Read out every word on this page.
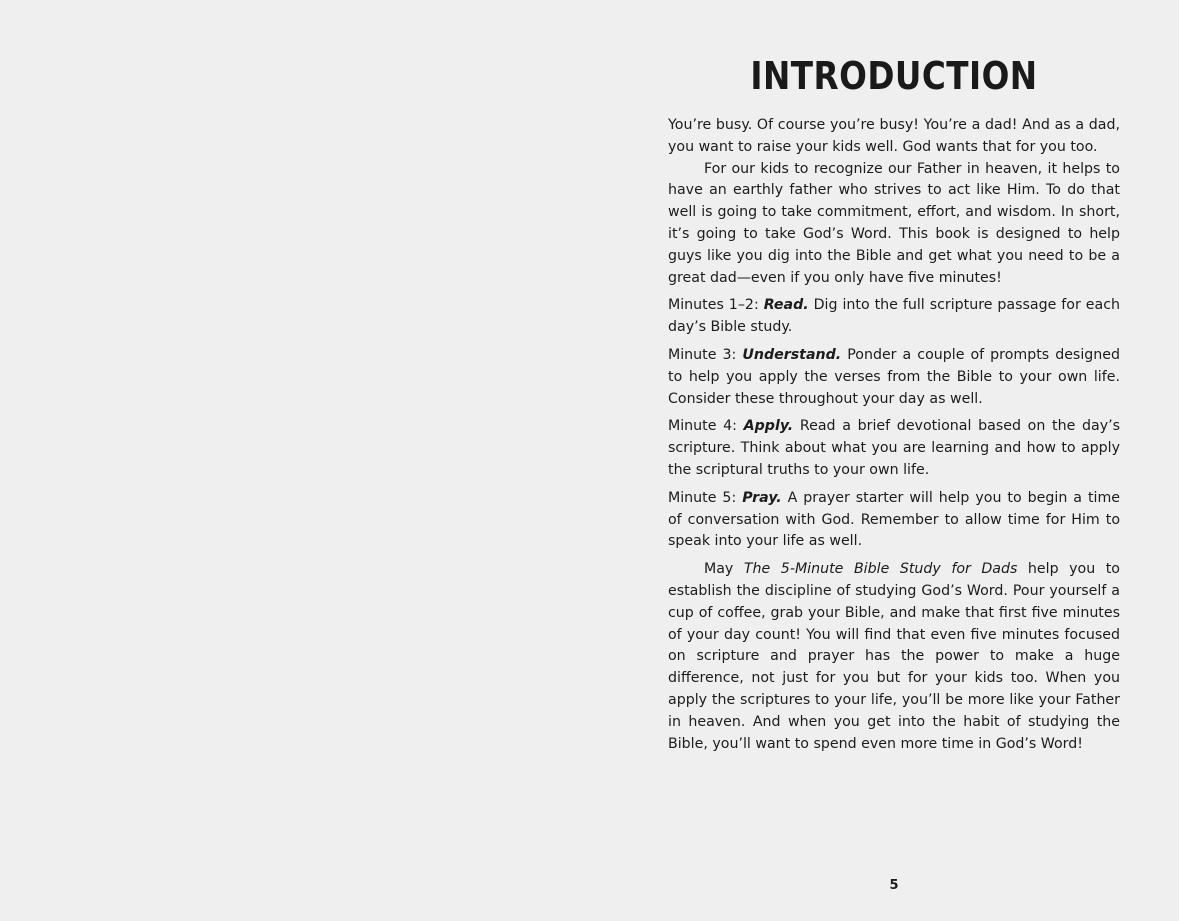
INTRODUCTION

You’re busy. Of course you’re busy! You’re a dad! And as a dad, you want to raise your kids well. God wants that for you too.

For our kids to recognize our Father in heaven, it helps to have an earthly father who strives to act like Him. To do that well is going to take commitment, effort, and wisdom. In short, it’s going to take God’s Word. This book is designed to help guys like you dig into the Bible and get what you need to be a great dad—even if you only have five minutes!

Minutes 1–2: Read. Dig into the full scripture passage for each day’s Bible study.

Minute 3: Understand. Ponder a couple of prompts designed to help you apply the verses from the Bible to your own life. Consider these throughout your day as well.

Minute 4: Apply. Read a brief devotional based on the day’s scripture. Think about what you are learning and how to apply the scriptural truths to your own life.

Minute 5: Pray. A prayer starter will help you to begin a time of conversation with God. Remember to allow time for Him to speak into your life as well.

May The 5-Minute Bible Study for Dads help you to establish the discipline of studying God’s Word. Pour yourself a cup of coffee, grab your Bible, and make that first five minutes of your day count! You will find that even five minutes focused on scripture and prayer has the power to make a huge difference, not just for you but for your kids too. When you apply the scriptures to your life, you’ll be more like your Father in heaven. And when you get into the habit of studying the Bible, you’ll want to spend even more time in God’s Word!

5
